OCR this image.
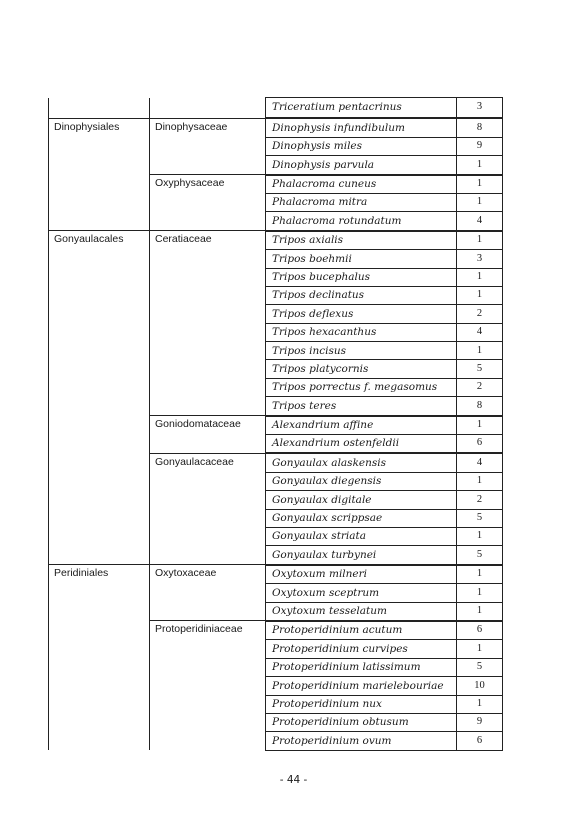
		Triceratium pentacrinus	3
Dinophysiales	Dinophysaceae	Dinophysis infundibulum	8
		Dinophysis miles	9
		Dinophysis parvula	1
	Oxyphysaceae	Phalacroma cuneus	1
		Phalacroma mitra	1
		Phalacroma rotundatum	4
Gonyaulacales	Ceratiaceae	Tripos axialis	1
		Tripos boehmii	3
		Tripos bucephalus	1
		Tripos declinatus	1
		Tripos deflexus	2
		Tripos hexacanthus	4
		Tripos incisus	1
		Tripos platycornis	5
		Tripos porrectus f. megasomus	2
		Tripos teres	8
	Goniodomataceae	Alexandrium affine	1
		Alexandrium ostenfeldii	6
	Gonyaulacaceae	Gonyaulax alaskensis	4
		Gonyaulax diegensis	1
		Gonyaulax digitale	2
		Gonyaulax scrippsae	5
		Gonyaulax striata	1
		Gonyaulax turbynei	5
Peridiniales	Oxytoxaceae	Oxytoxum milneri	1
		Oxytoxum sceptrum	1
		Oxytoxum tesselatum	1
	Protoperidiniaceae	Protoperidinium acutum	6
		Protoperidinium curvipes	1
		Protoperidinium latissimum	5
		Protoperidinium marielebouriae	10
		Protoperidinium nux	1
		Protoperidinium obtusum	9
		Protoperidinium ovum	6
- 44 -
